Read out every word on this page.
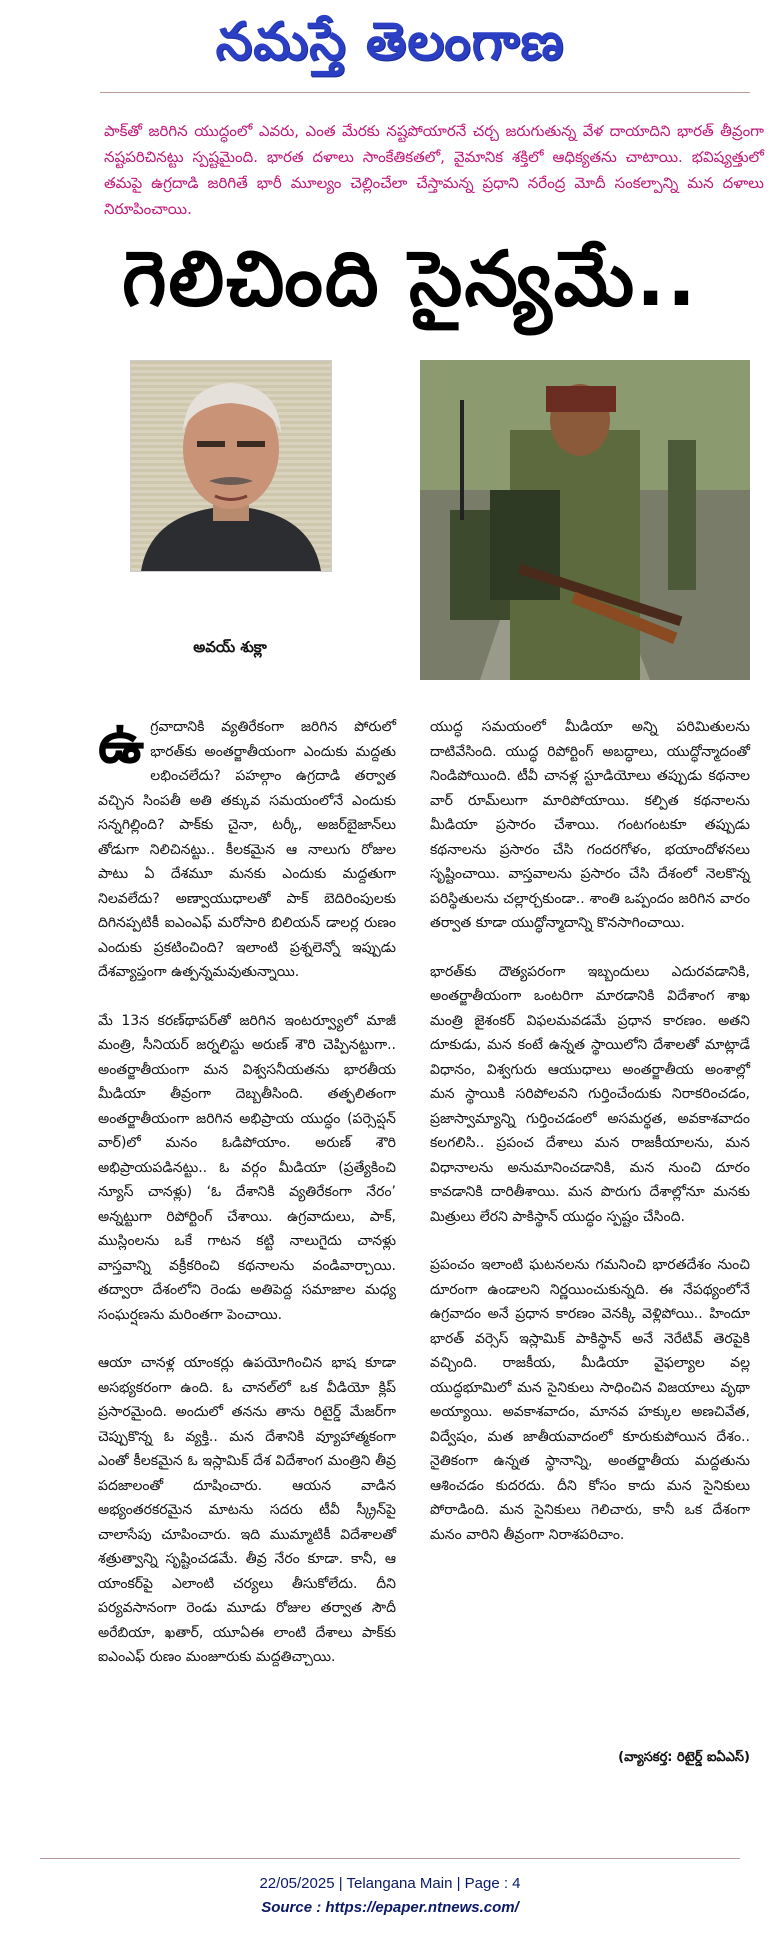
నమస్తే తెలంగాణ
పాక్‌తో జరిగిన యుద్ధంలో ఎవరు, ఎంత మేరకు నష్టపోయారనే చర్చ జరుగుతున్న వేళ దాయాదిని భారత్ తీవ్రంగా నష్టపరిచినట్టు స్పష్టమైంది. భారత దళాలు సాంకేతికతలో, వైమానిక శక్తిలో ఆధిక్యతను చాటాయి. భవిష్యత్తులో తమపై ఉగ్రదాడి జరిగితే భారీ మూల్యం చెల్లించేలా చేస్తామన్న ప్రధాని నరేంద్ర మోదీ సంకల్పాన్ని మన దళాలు నిరూపించాయి.
గెలిచింది సైన్యమే..
అవయ్ శుక్లా

ఉగ్రవాదానికి వ్యతిరేకంగా జరిగిన పోరులో భారత్‌కు అంతర్జాతీయంగా ఎందుకు మద్దతు లభించలేదు? పహల్గాం ఉగ్రదాడి తర్వాత వచ్చిన సింపతీ అతి తక్కువ సమయంలోనే ఎందుకు సన్నగిల్లింది? పాక్‌కు చైనా, టర్కీ, అజర్‌బైజాన్‌లు తోడుగా నిలిచినట్టు.. కీలకమైన ఆ నాలుగు రోజుల పాటు ఏ దేశమూ మనకు ఎందుకు మద్దతుగా నిలవలేదు? అణ్వాయుధాలతో పాక్ బెదిరింపులకు దిగినప్పటికీ ఐఎంఎఫ్ మరోసారి బిలియన్ డాలర్ల రుణం ఎందుకు ప్రకటించింది? ఇలాంటి ప్రశ్నలెన్నో ఇప్పుడు దేశవ్యాప్తంగా ఉత్పన్నమవుతున్నాయి.

మే 13న కరణ్‌థాపర్‌తో జరిగిన ఇంటర్వ్యూలో మాజీ మంత్రి, సీనియర్ జర్నలిస్టు అరుణ్ శౌరి చెప్పినట్టుగా.. అంతర్జాతీయంగా మన విశ్వసనీయతను భారతీయ మీడియా తీవ్రంగా దెబ్బతీసింది. తత్ఫలితంగా అంతర్జాతీయంగా జరిగిన అభిప్రాయ యుద్ధం (పర్సెప్షన్ వార్)లో మనం ఓడిపోయాం. అరుణ్ శౌరి అభిప్రాయపడినట్టు.. ఓ వర్గం మీడియా (ప్రత్యేకించి న్యూస్ చానళ్లు) ‘ఓ దేశానికి వ్యతిరేకంగా నేరం’ అన్నట్టుగా రిపోర్టింగ్ చేశాయి. ఉగ్రవాదులు, పాక్, ముస్లింలను ఒకే గాటన కట్టి నాలుగైదు చానళ్లు వాస్తవాన్ని వక్రీకరించి కథనాలను వండివార్చాయి. తద్వారా దేశంలోని రెండు అతిపెద్ద సమాజాల మధ్య సంఘర్షణను మరింతగా పెంచాయి.

ఆయా చానళ్ల యాంకర్లు ఉపయోగించిన భాష కూడా అసభ్యకరంగా ఉంది. ఓ చానల్‌లో ఒక వీడియో క్లిప్ ప్రసారమైంది. అందులో తనను తాను రిటైర్డ్ మేజర్‌గా చెప్పుకొన్న ఓ వ్యక్తి.. మన దేశానికి వ్యూహాత్మకంగా ఎంతో కీలకమైన ఓ ఇస్లామిక్ దేశ విదేశాంగ మంత్రిని తీవ్ర పదజాలంతో దూషించారు. ఆయన వాడిన అభ్యంతరకరమైన మాటను సదరు టీవీ స్క్రీన్‌పై చాలాసేపు చూపించారు. ఇది ముమ్మాటికీ విదేశాలతో శత్రుత్వాన్ని సృష్టించడమే. తీవ్ర నేరం కూడా. కానీ, ఆ యాంకర్‌పై ఎలాంటి చర్యలు తీసుకోలేదు. దీని పర్యవసానంగా రెండు మూడు రోజుల తర్వాత సౌదీ అరేబియా, ఖతార్, యూఏఈ లాంటి దేశాలు పాక్‌కు ఐఎంఎఫ్ రుణం మంజూరుకు మద్దతిచ్చాయి.

యుద్ధ సమయంలో మీడియా అన్ని పరిమితులను దాటివేసింది. యుద్ధ రిపోర్టింగ్ అబద్ధాలు, యుద్ధోన్మాదంతో నిండిపోయింది. టీవీ చానళ్ల స్టూడియోలు తప్పుడు కథనాల వార్ రూమ్‌లుగా మారిపోయాయి. కల్పిత కథనాలను మీడియా ప్రసారం చేశాయి. గంటగంటకూ తప్పుడు కథనాలను ప్రసారం చేసి గందరగోళం, భయాందోళనలు సృష్టించాయి. వాస్తవాలను ప్రసారం చేసి దేశంలో నెలకొన్న పరిస్థితులను చల్లార్చకుండా.. శాంతి ఒప్పందం జరిగిన వారం తర్వాత కూడా యుద్ధోన్మాదాన్ని కొనసాగించాయి.

భారత్‌కు దౌత్యపరంగా ఇబ్బందులు ఎదురవడానికి, అంతర్జాతీయంగా ఒంటరిగా మారడానికి విదేశాంగ శాఖ మంత్రి జైశంకర్ విఫలమవడమే ప్రధాన కారణం. అతని దూకుడు, మన కంటే ఉన్నత స్థాయిలోని దేశాలతో మాట్లాడే విధానం, విశ్వగురు ఆయుధాలు అంతర్జాతీయ అంశాల్లో మన స్థాయికి సరిపోలవని గుర్తించేందుకు నిరాకరించడం, ప్రజాస్వామ్యాన్ని గుర్తించడంలో అసమర్థత, అవకాశవాదం కలగలిసి.. ప్రపంచ దేశాలు మన రాజకీయాలను, మన విధానాలను అనుమానించడానికి, మన నుంచి దూరం కావడానికి దారితీశాయి. మన పొరుగు దేశాల్లోనూ మనకు మిత్రులు లేరని పాకిస్థాన్ యుద్ధం స్పష్టం చేసింది.

ప్రపంచం ఇలాంటి ఘటనలను గమనించి భారతదేశం నుంచి దూరంగా ఉండాలని నిర్ణయించుకున్నది. ఈ నేపథ్యంలోనే ఉగ్రవాదం అనే ప్రధాన కారణం వెనక్కి వెళ్లిపోయి.. హిందూ భారత్ వర్సెస్ ఇస్లామిక్ పాకిస్థాన్ అనే నెరేటివ్ తెరపైకి వచ్చింది. రాజకీయ, మీడియా వైఫల్యాల వల్ల యుద్ధభూమిలో మన సైనికులు సాధించిన విజయాలు వృథా అయ్యాయి. అవకాశవాదం, మానవ హక్కుల అణచివేత, విద్వేషం, మత జాతీయవాదంలో కూరుకుపోయిన దేశం.. నైతికంగా ఉన్నత స్థానాన్ని, అంతర్జాతీయ మద్దతును ఆశించడం కుదరదు. దీని కోసం కాదు మన సైనికులు పోరాడింది. మన సైనికులు గెలిచారు, కానీ ఒక దేశంగా మనం వారిని తీవ్రంగా నిరాశపరిచాం.

(వ్యాసకర్త: రిటైర్డ్ ఐఏఎస్)
22/05/2025 | Telangana Main | Page : 4
Source : https://epaper.ntnews.com/
